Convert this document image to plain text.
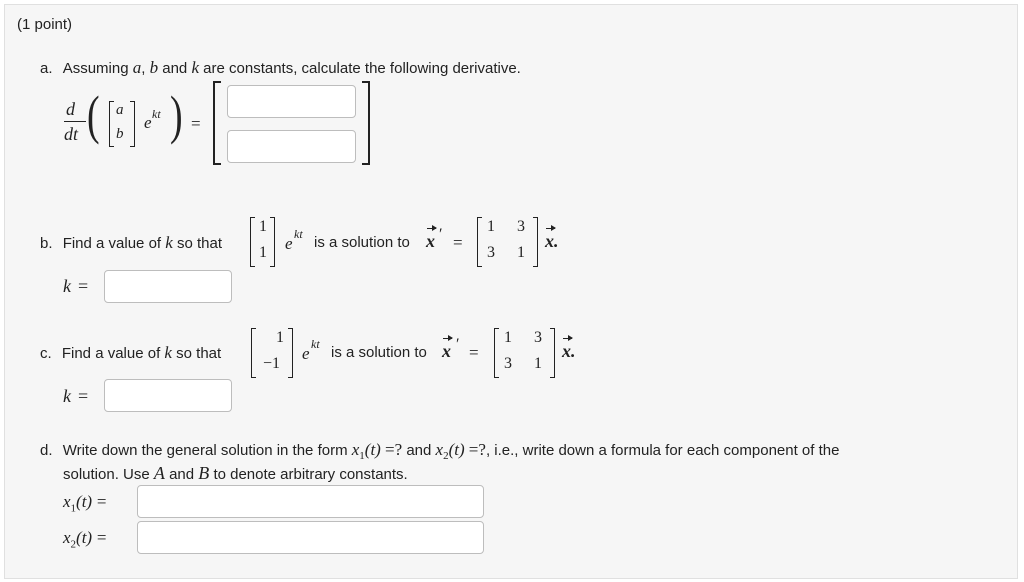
(1 point)
a. Assuming a, b and k are constants, calculate the following derivative.
d
dt ( )
a
b
e kt =
b. Find a value of k so that
1
1 e kt is a solution to x ′ =
1 3
3 1
x.
k =
c. Find a value of k so that
1
−1
e kt is a solution to x ′ =
1 3
3 1
x.
k =
d. Write down the general solution in the form $x_1(t)$ =? and $x_2(t)$ =?, i.e., write down a formula for each component of the
solution. Use A and B to denote arbitrary constants.
$x_1(t)$ =
$x_2(t)$ =
